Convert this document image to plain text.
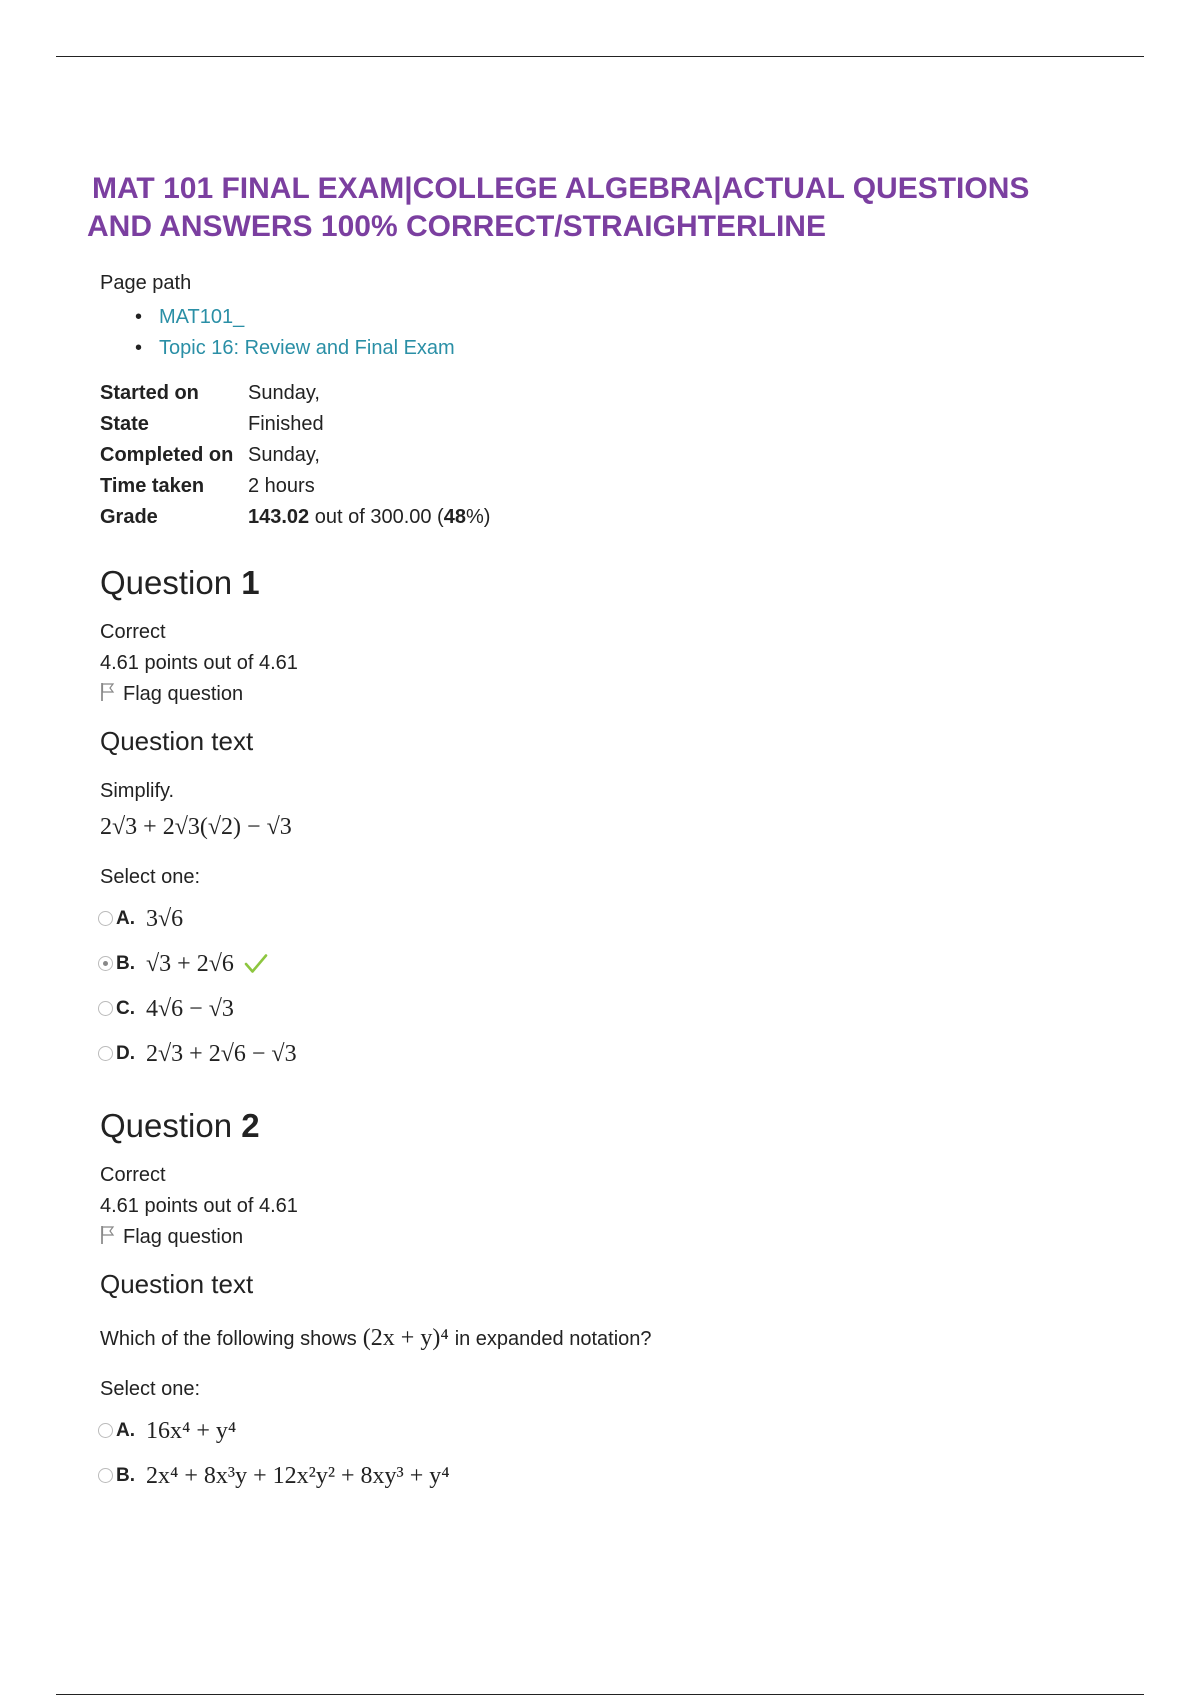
MAT 101 FINAL EXAM|COLLEGE ALGEBRA|ACTUAL QUESTIONS
AND ANSWERS 100% CORRECT/STRAIGHTERLINE
Page path
• MAT101_
• Topic 16: Review and Final Exam
Started on	Sunday,
State	Finished
Completed on	Sunday,
Time taken	2 hours
Grade	143.02 out of 300.00 (48%)
Question 1
Correct
4.61 points out of 4.61
Flag question
Question text
Simplify.
2√3 + 2√3(√2) − √3
Select one:
A. 3√6
B. √3 + 2√6
C. 4√6 − √3
D. 2√3 + 2√6 − √3
Question 2
Correct
4.61 points out of 4.61
Flag question
Question text
Which of the following shows (2x + y)⁴ in expanded notation?
Select one:
A. 16x⁴ + y⁴
B. 2x⁴ + 8x³y + 12x²y² + 8xy³ + y⁴
